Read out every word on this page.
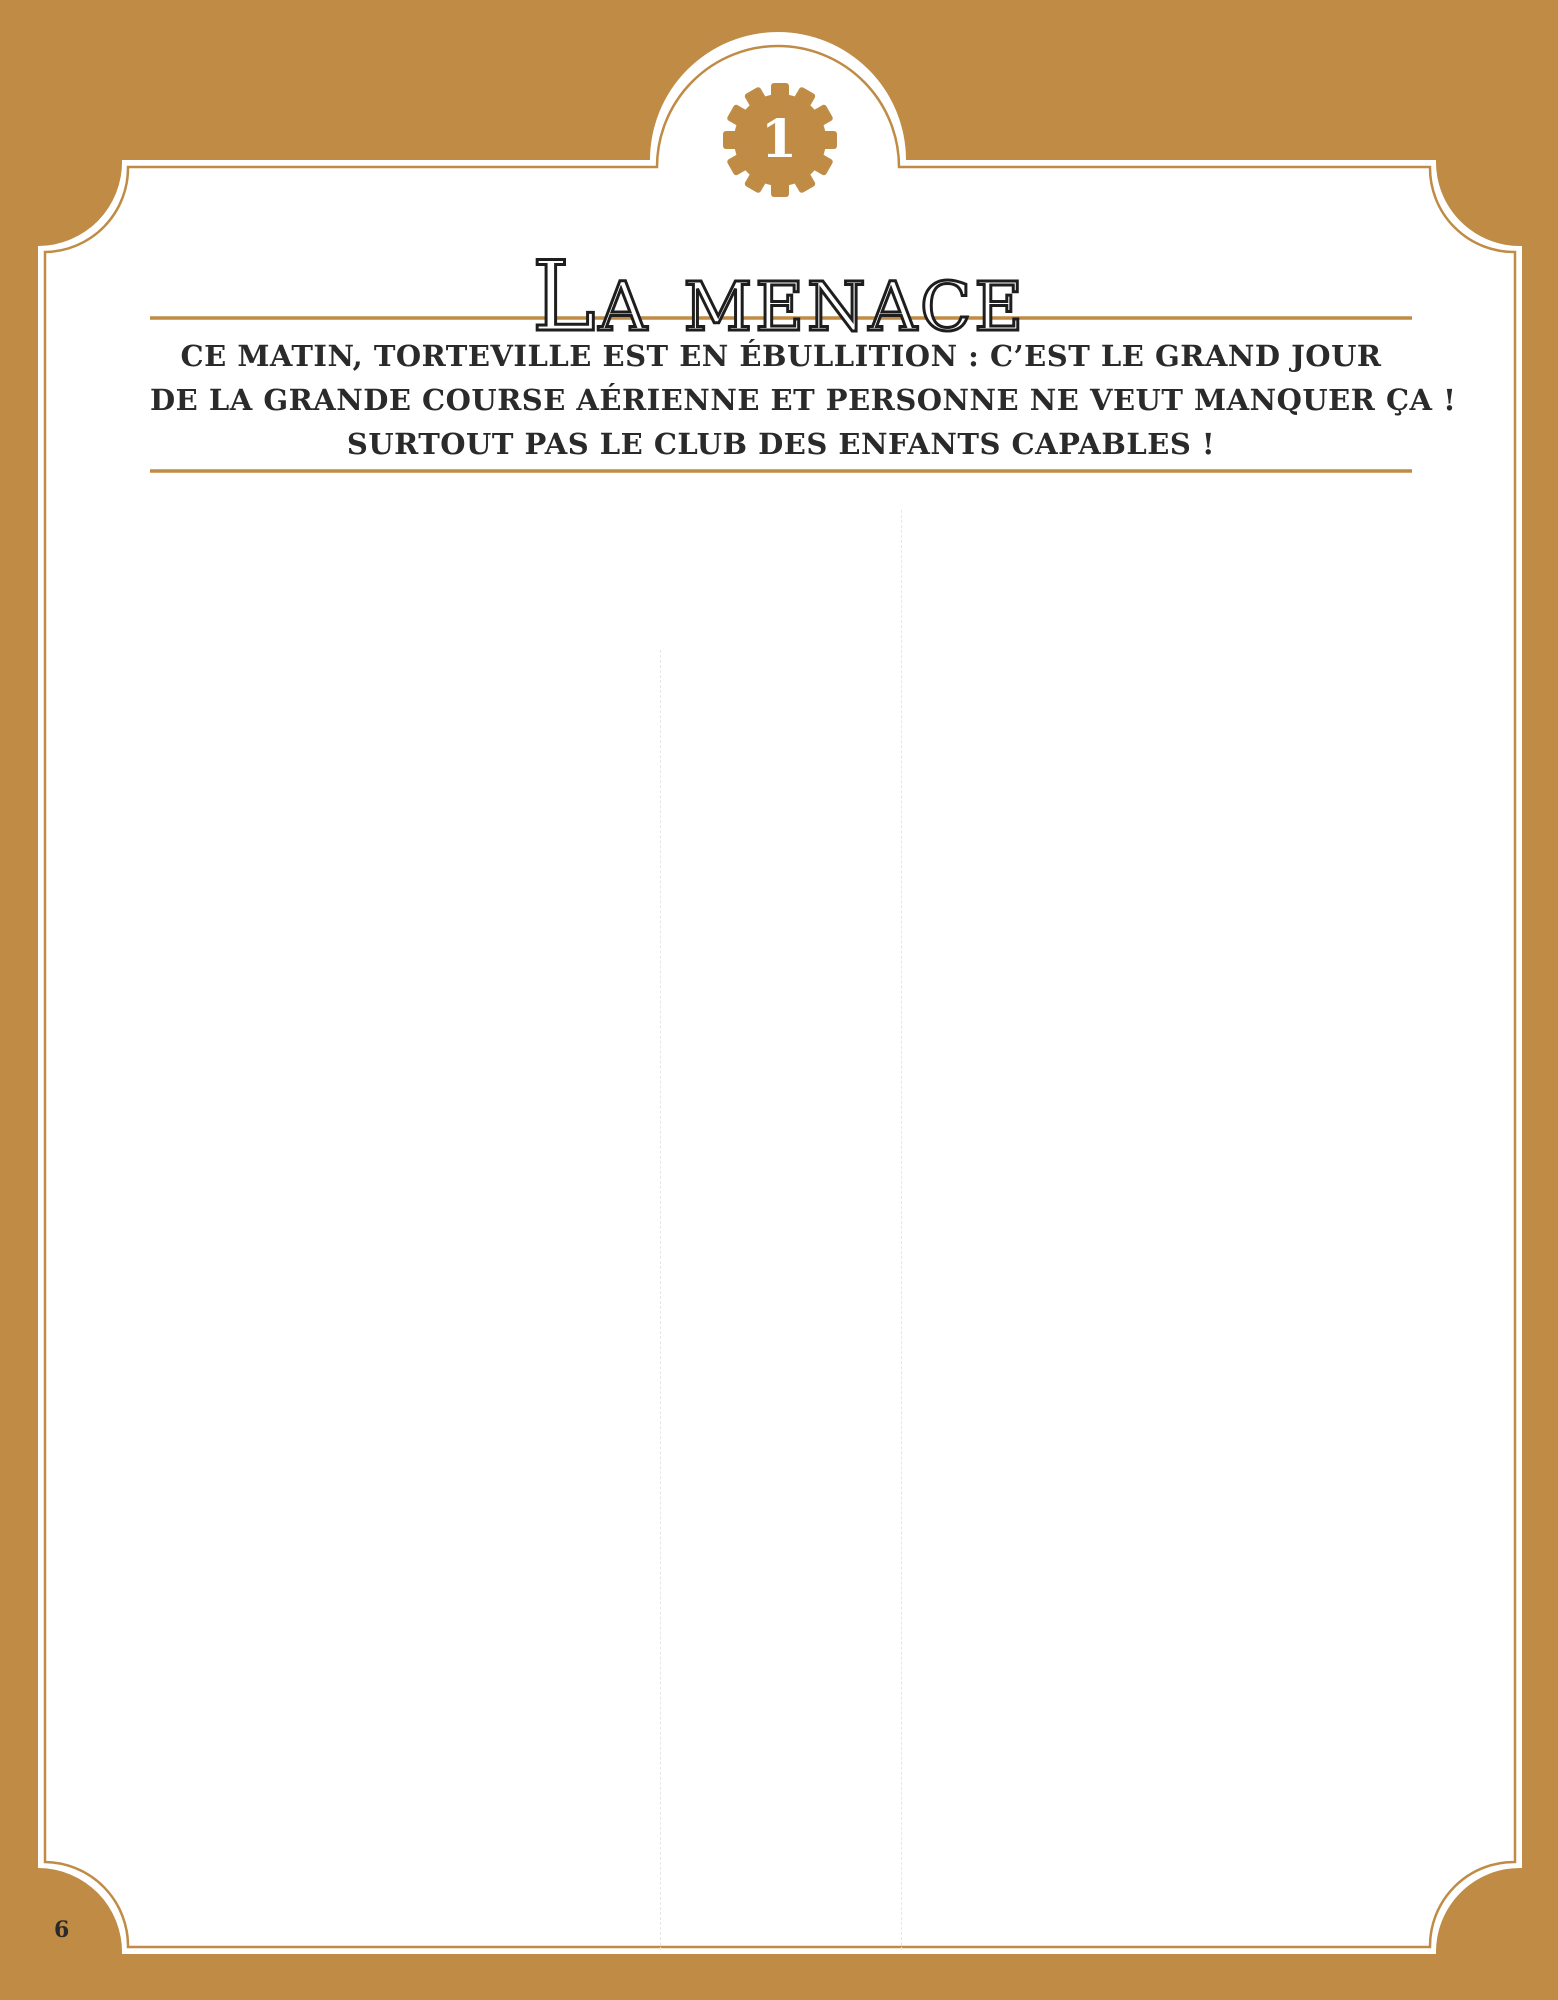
1
La menace
CE MATIN, TORTEVILLE EST EN ÉBULLITION : C’EST LE GRAND JOUR
DE LA GRANDE COURSE AÉRIENNE ET PERSONNE NE VEUT MANQUER ÇA !
SURTOUT PAS LE CLUB DES ENFANTS CAPABLES !
6
